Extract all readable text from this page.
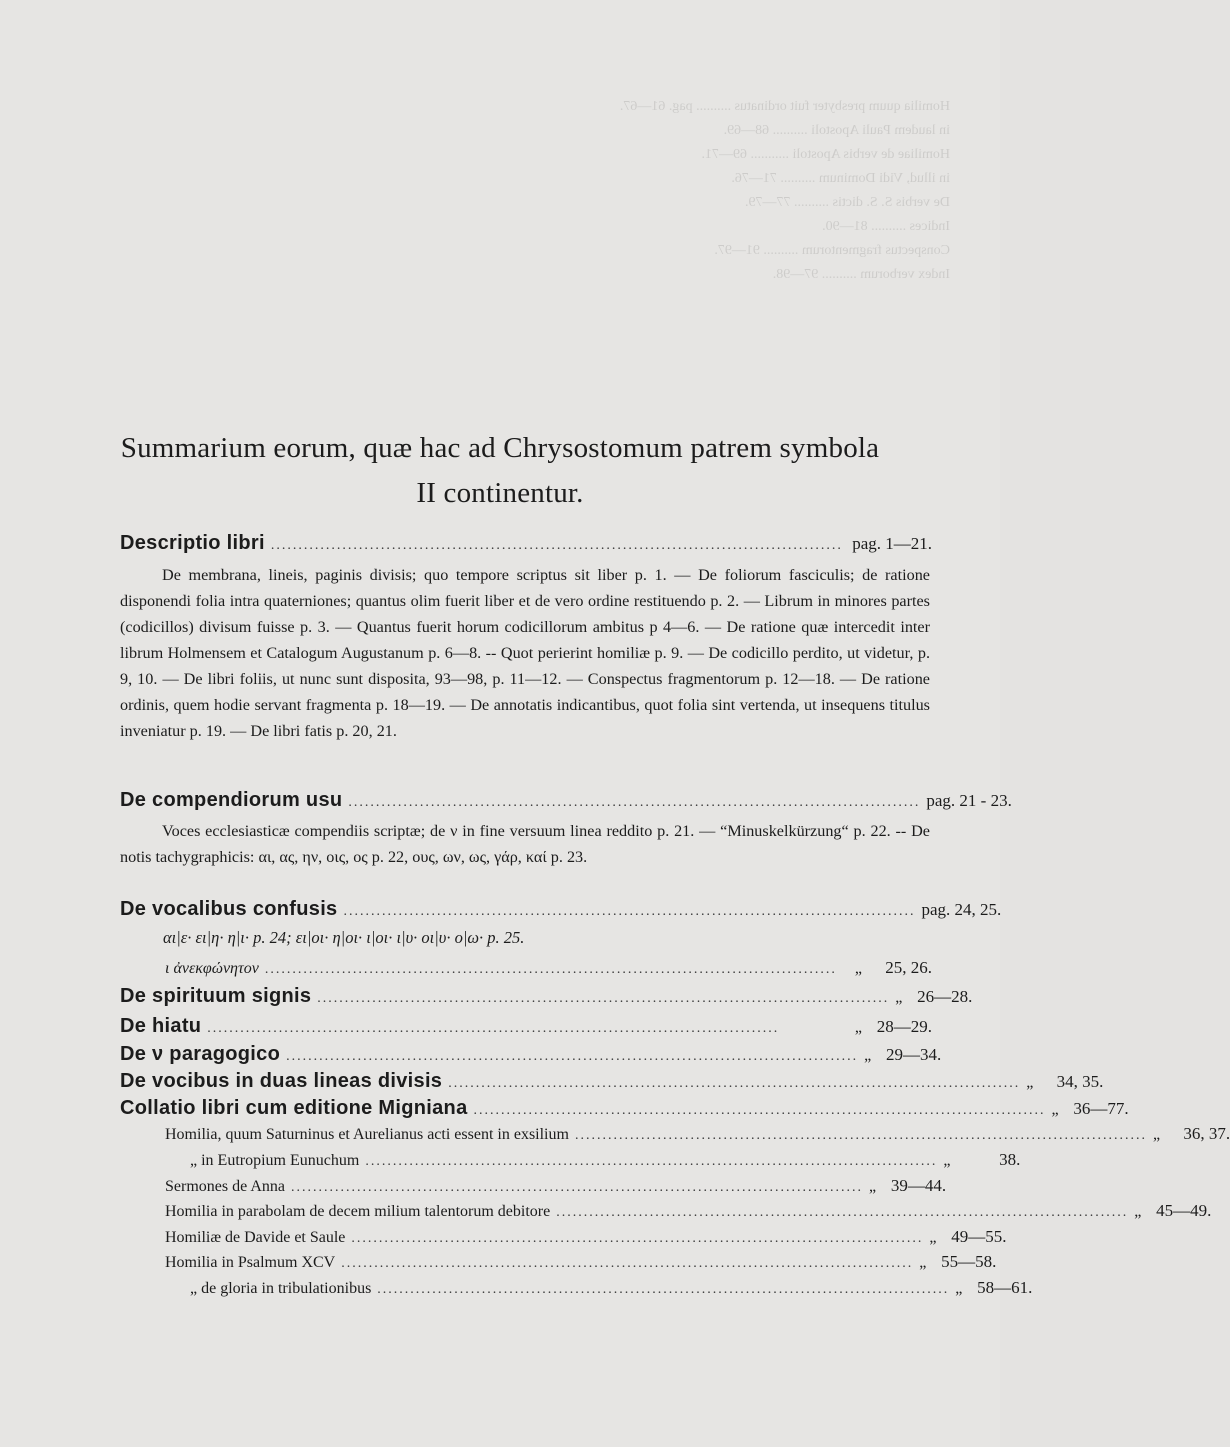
Homilia quum presbyter fuit ordinatus .......... pag. 61—67.
in laudem Pauli Apostoli .......... 68—69.
Homiliae de verbis Apostoli ........... 69—71.
in illud, Vidi Dominum .......... 71—76.
De verbis S. S. dictis .......... 77—79.
Indices .......... 81—90.
Conspectus fragmentorum .......... 91—97.
Index verborum .......... 97—98.
Summarium eorum, quæ hac ad Chrysostomum patrem symbola
II continentur.
Descriptio libri ........................................................................................................ pag. 1—21.
De membrana, lineis, paginis divisis; quo tempore scriptus sit liber p. 1. — De foliorum fasciculis; de ratione disponendi folia intra quaterniones; quantus olim fuerit liber et de vero ordine restituendo p. 2. — Librum in minores partes (codicillos) divisum fuisse p. 3. — Quantus fuerit horum codicillorum ambitus p 4—6. — De ratione quæ intercedit inter librum Holmensem et Catalogum Augustanum p. 6—8. -- Quot perierint homiliæ p. 9. — De codicillo perdito, ut videtur, p. 9, 10. — De libri foliis, ut nunc sunt disposita, 93—98, p. 11—12. — Conspectus fragmentorum p. 12—18. — De ratione ordinis, quem hodie servant fragmenta p. 18—19. — De annotatis indicantibus, quot folia sint vertenda, ut insequens titulus inveniatur p. 19. — De libri fatis p. 20, 21.
De compendiorum usu ........................................................................................................ pag. 21 - 23.
Voces ecclesiasticæ compendiis scriptæ; de ν in fine versuum linea reddito p. 21. — “Minuskelkürzung“ p. 22. -- De notis tachygraphicis: αι, ας, ην, οις, ος p. 22, ους, ων, ως, γάρ, καί p. 23.
De vocalibus confusis ........................................................................................................ pag. 24, 25.
αι|ε· ει|η· η|ι· p. 24; ει|οι· η|οι· ι|οι· ι|υ· οι|υ· ο|ω· p. 25.
ι ἀνεκφώνητον ........................................................................................................	„	25, 26.
De spirituum signis ........................................................................................................ „ 26—28.
De hiatu ........................................................................................................	„ 28—29.
De ν paragogico ........................................................................................................ „ 29—34.
De vocibus in duas lineas divisis ........................................................................................................ „	34, 35.
Collatio libri cum editione Migniana ........................................................................................................ „ 36—77.
Homilia, quum Saturninus et Aurelianus acti essent in exsilium ........................................................................................................ „	36, 37.
„ in Eutropium Eunuchum ........................................................................................................ „	38.
Sermones de Anna ........................................................................................................ „ 39—44.
Homilia in parabolam de decem milium talentorum debitore ........................................................................................................ „ 45—49.
Homiliæ de Davide et Saule ........................................................................................................ „ 49—55.
Homilia in Psalmum XCV ........................................................................................................ „ 55—58.
„ de gloria in tribulationibus ........................................................................................................ „ 58—61.
